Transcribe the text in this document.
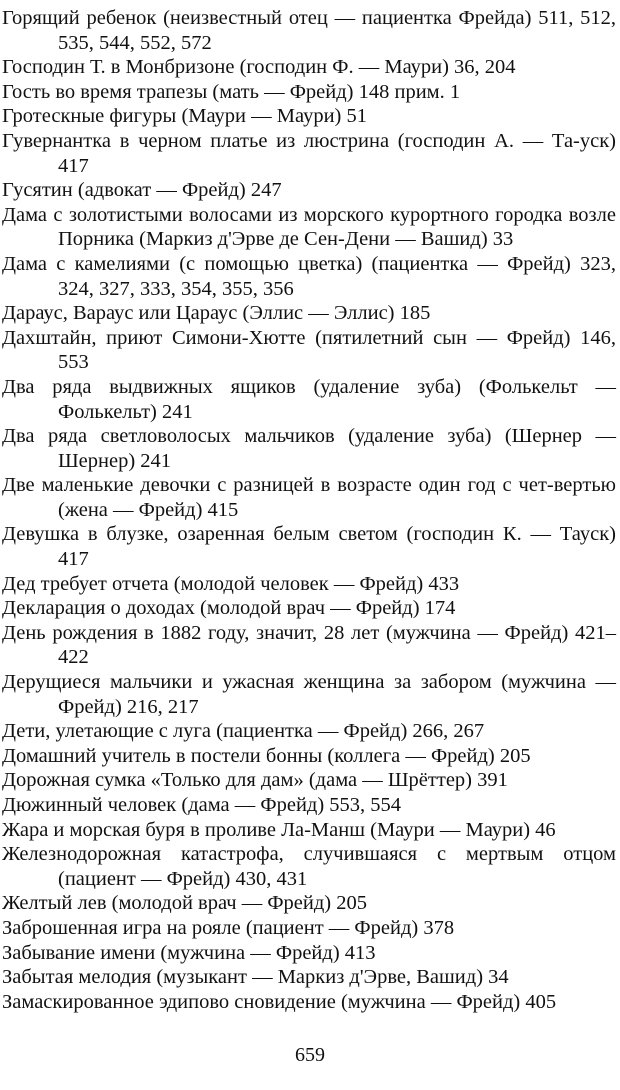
Горящий ребенок (неизвестный отец — пациентка Фрейда) 511, 512, 535, 544, 552, 572

Господин Т. в Монбризоне (господин Ф. — Маури) 36, 204

Гость во время трапезы (мать — Фрейд) 148 прим. 1

Гротескные фигуры (Маури — Маури) 51

Гувернантка в черном платье из люстрина (господин А. — Та-уск) 417

Гусятин (адвокат — Фрейд) 247

Дама с золотистыми волосами из морского курортного городка возле Порника (Маркиз д'Эрве де Сен-Дени — Вашид) 33

Дама с камелиями (с помощью цветка) (пациентка — Фрейд) 323, 324, 327, 333, 354, 355, 356

Дараус, Вараус или Цараус (Эллис — Эллис) 185

Дахштайн, приют Симони-Хютте (пятилетний сын — Фрейд) 146, 553

Два ряда выдвижных ящиков (удаление зуба) (Фолькельт — Фолькельт) 241

Два ряда светловолосых мальчиков (удаление зуба) (Шернер — Шернер) 241

Две маленькие девочки с разницей в возрасте один год с чет-вертью (жена — Фрейд) 415

Девушка в блузке, озаренная белым светом (господин К. — Тауск) 417

Дед требует отчета (молодой человек — Фрейд) 433

Декларация о доходах (молодой врач — Фрейд) 174

День рождения в 1882 году, значит, 28 лет (мужчина — Фрейд) 421–422

Дерущиеся мальчики и ужасная женщина за забором (мужчина — Фрейд) 216, 217

Дети, улетающие с луга (пациентка — Фрейд) 266, 267

Домашний учитель в постели бонны (коллега — Фрейд) 205

Дорожная сумка «Только для дам» (дама — Шрёттер) 391

Дюжинный человек (дама — Фрейд) 553, 554

Жара и морская буря в проливе Ла-Манш (Маури — Маури) 46

Железнодорожная катастрофа, случившаяся с мертвым отцом (пациент — Фрейд) 430, 431

Желтый лев (молодой врач — Фрейд) 205

Заброшенная игра на рояле (пациент — Фрейд) 378

Забывание имени (мужчина — Фрейд) 413

Забытая мелодия (музыкант — Маркиз д'Эрве, Вашид) 34

Замаскированное эдипово сновидение (мужчина — Фрейд) 405

659
